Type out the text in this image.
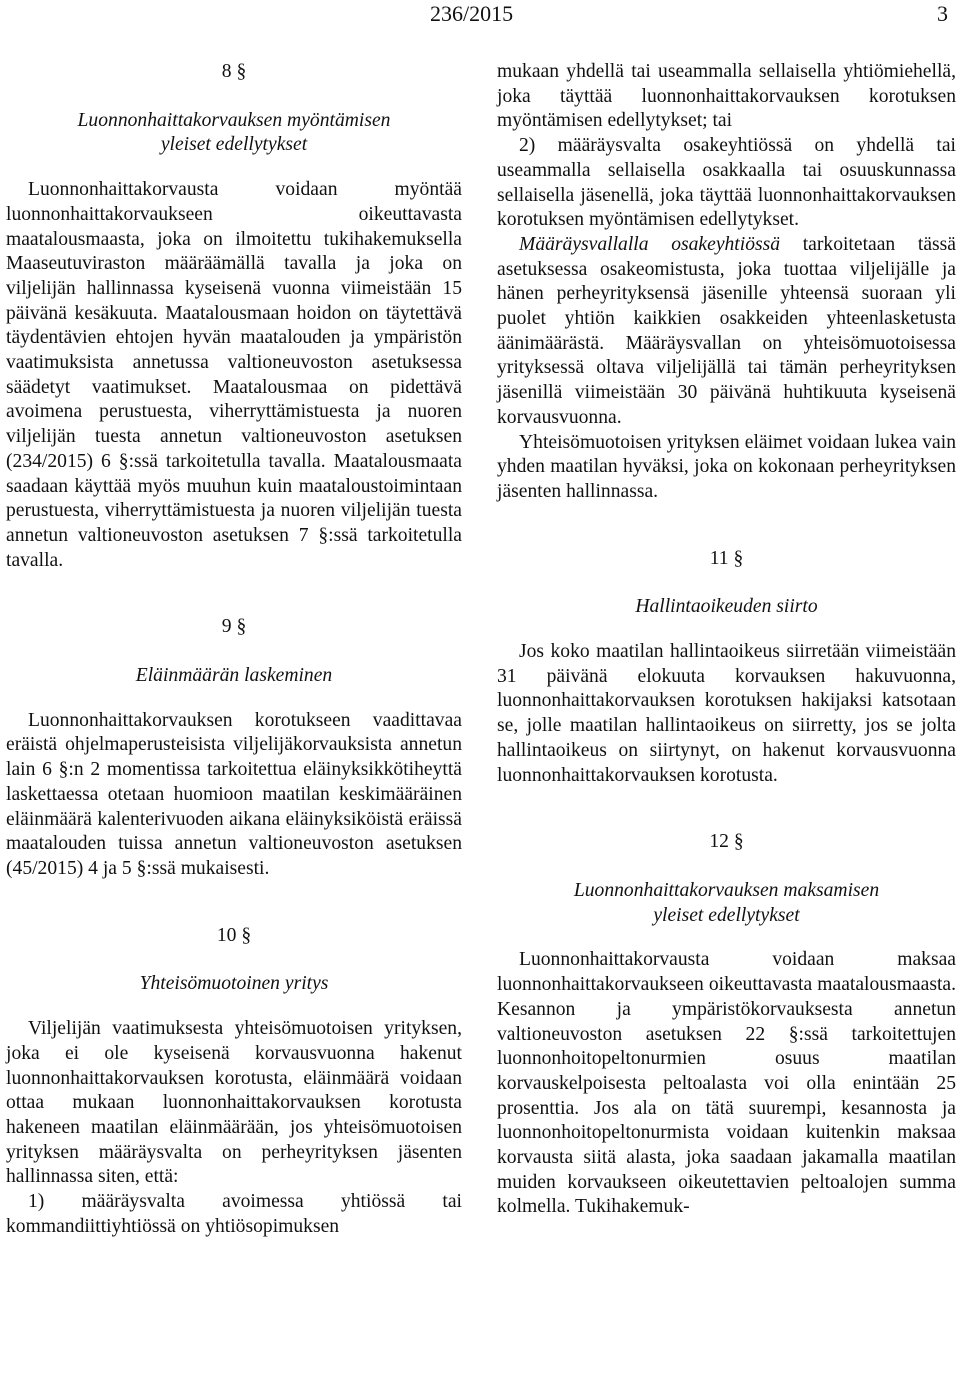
236/2015	3

8 §

Luonnonhaittakorvauksen myöntämisen

yleiset edellytykset

Luonnonhaittakorvausta voidaan myöntää luonnonhaittakorvaukseen oikeuttavasta maatalousmaasta, joka on ilmoitettu tukihakemuksella Maaseutuviraston määräämällä tavalla ja joka on viljelijän hallinnassa kyseisenä vuonna viimeistään 15 päivänä kesäkuuta. Maatalousmaan hoidon on täytettävä täydentävien ehtojen hyvän maatalouden ja ympäristön vaatimuksista annetussa valtioneuvoston asetuksessa säädetyt vaatimukset. Maatalousmaa on pidettävä avoimena perustuesta, viherryttämistuesta ja nuoren viljelijän tuesta annetun valtioneuvoston asetuksen (234/2015) 6 §:ssä tarkoitetulla tavalla. Maatalousmaata saadaan käyttää myös muuhun kuin maataloustoimintaan perustuesta, viherryttämistuesta ja nuoren viljelijän tuesta annetun valtioneuvoston asetuksen 7 §:ssä tarkoitetulla tavalla.

9 §

Eläinmäärän laskeminen

Luonnonhaittakorvauksen korotukseen vaadittavaa eräistä ohjelmaperusteisista viljelijäkorvauksista annetun lain 6 §:n 2 momentissa tarkoitettua eläinyksikkötiheyttä laskettaessa otetaan huomioon maatilan keskimääräinen eläinmäärä kalenterivuoden aikana eläinyksiköistä eräissä maatalouden tuissa annetun valtioneuvoston asetuksen (45/2015) 4 ja 5 §:ssä mukaisesti.

10 §

Yhteisömuotoinen yritys

Viljelijän vaatimuksesta yhteisömuotoisen yrityksen, joka ei ole kyseisenä korvausvuonna hakenut luonnonhaittakorvauksen korotusta, eläinmäärä voidaan ottaa mukaan luonnonhaittakorvauksen korotusta hakeneen maatilan eläinmäärään, jos yhteisömuotoisen yrityksen määräysvalta on perheyrityksen jäsenten hallinnassa siten, että:

1) määräysvalta avoimessa yhtiössä tai kommandiittiyhtiössä on yhtiösopimuksen

mukaan yhdellä tai useammalla sellaisella yhtiömiehellä, joka täyttää luonnonhaittakorvauksen korotuksen myöntämisen edellytykset; tai

2) määräysvalta osakeyhtiössä on yhdellä tai useammalla sellaisella osakkaalla tai osuuskunnassa sellaisella jäsenellä, joka täyttää luonnonhaittakorvauksen korotuksen myöntämisen edellytykset.

Määräysvallalla osakeyhtiössä tarkoitetaan tässä asetuksessa osakeomistusta, joka tuottaa viljelijälle ja hänen perheyrityksensä jäsenille yhteensä suoraan yli puolet yhtiön kaikkien osakkeiden yhteenlasketusta äänimäärästä. Määräysvallan on yhteisömuotoisessa yrityksessä oltava viljelijällä tai tämän perheyrityksen jäsenillä viimeistään 30 päivänä huhtikuuta kyseisenä korvausvuonna.

Yhteisömuotoisen yrityksen eläimet voidaan lukea vain yhden maatilan hyväksi, joka on kokonaan perheyrityksen jäsenten hallinnassa.

11 §

Hallintaoikeuden siirto

Jos koko maatilan hallintaoikeus siirretään viimeistään 31 päivänä elokuuta korvauksen hakuvuonna, luonnonhaittakorvauksen korotuksen hakijaksi katsotaan se, jolle maatilan hallintaoikeus on siirretty, jos se jolta hallintaoikeus on siirtynyt, on hakenut korvausvuonna luonnonhaittakorvauksen korotusta.

12 §

Luonnonhaittakorvauksen maksamisen

yleiset edellytykset

Luonnonhaittakorvausta voidaan maksaa luonnonhaittakorvaukseen oikeuttavasta maatalousmaasta. Kesannon ja ympäristökorvauksesta annetun valtioneuvoston asetuksen 22 §:ssä tarkoitettujen luonnonhoitopeltonurmien osuus maatilan korvauskelpoisesta peltoalasta voi olla enintään 25 prosenttia. Jos ala on tätä suurempi, kesannosta ja luonnonhoitopeltonurmista voidaan kuitenkin maksaa korvausta siitä alasta, joka saadaan jakamalla maatilan muiden korvaukseen oikeutettavien peltoalojen summa kolmella. Tukihakemuk-
